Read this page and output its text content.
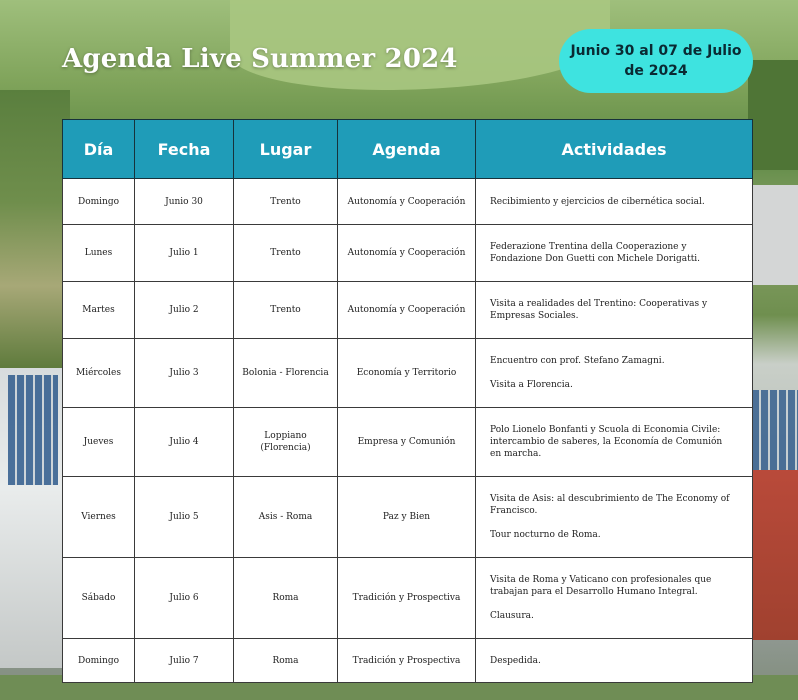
Agenda Live Summer 2024	Junio 30 al 07 de Julio de 2024
Día	Fecha	Lugar	Agenda	Actividades
Domingo	Junio 30	Trento	Autonomía y Cooperación	Recibimiento y ejercicios de cibernética social.

Lunes	Julio 1	Trento	Autonomía y Cooperación	Federazione Trentina della Cooperazione y Fondazione Don Guetti con Michele Dorigatti.

Martes	Julio 2	Trento	Autonomía y Cooperación	Visita a realidades del Trentino: Cooperativas y Empresas Sociales.

Miércoles	Julio 3	Bolonia - Florencia	Economía y Territorio	Encuentro con prof. Stefano Zamagni.

Visita a Florencia.

Jueves	Julio 4	Loppiano (Florencia)	Empresa y Comunión	Polo Lionelo Bonfanti y Scuola di Economia Civile: intercambio de saberes, la Economía de Comunión en marcha.

Viernes	Julio 5	Asis - Roma	Paz y Bien	Visita de Asis: al descubrimiento de The Economy of Francisco.

Tour nocturno de Roma.

Sábado	Julio 6	Roma	Tradición y Prospectiva	Visita de Roma y Vaticano con profesionales que trabajan para el Desarrollo Humano Integral.

Clausura.

Domingo	Julio 7	Roma	Tradición y Prospectiva	Despedida.
